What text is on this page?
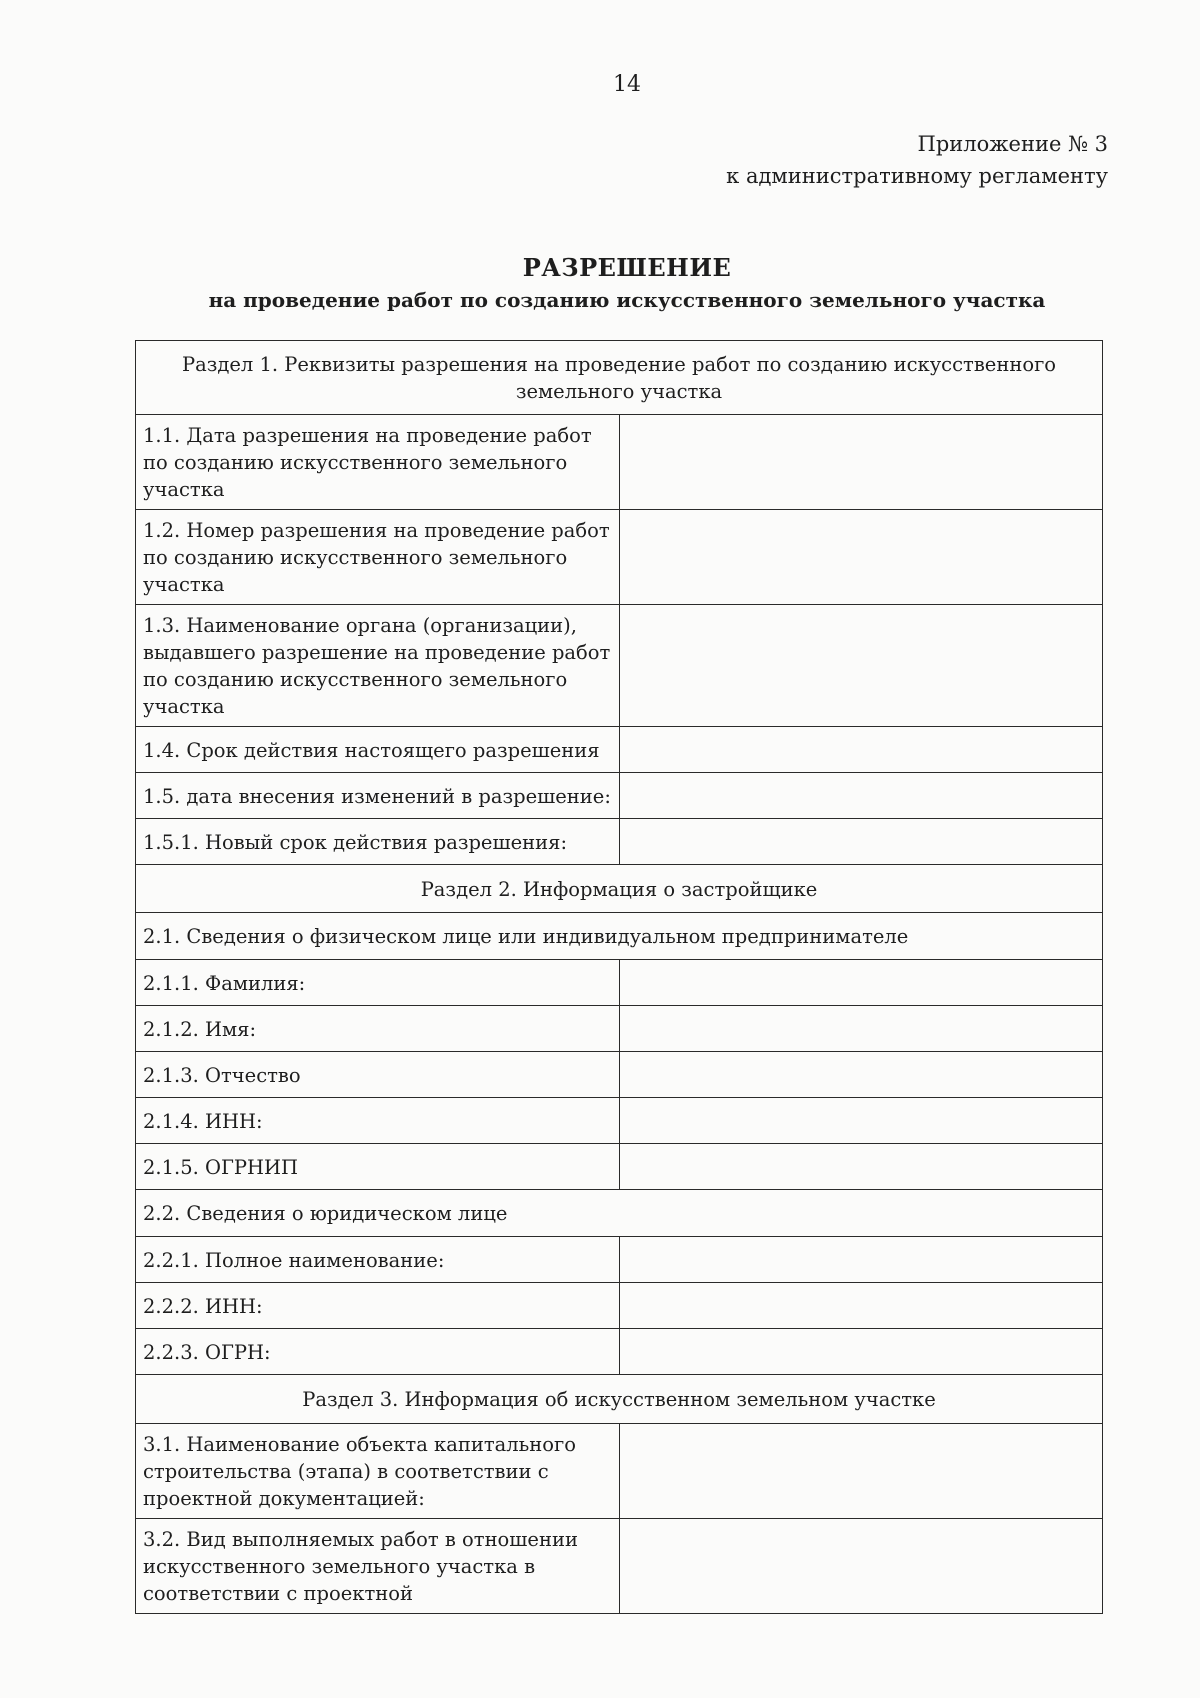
14
Приложение № 3
к административному регламенту
РАЗРЕШЕНИЕ
на проведение работ по созданию искусственного земельного участка
Раздел 1. Реквизиты разрешения на проведение работ по созданию искусственного земельного участка	
1.1. Дата разрешения на проведение работ по созданию искусственного земельного участка	
1.2. Номер разрешения на проведение работ по созданию искусственного земельного участка	
1.3. Наименование органа (организации), выдавшего разрешение на проведение работ по созданию искусственного земельного участка	
1.4. Срок действия настоящего разрешения	
1.5. дата внесения изменений в разрешение:	
1.5.1. Новый срок действия разрешения:	
Раздел 2. Информация о застройщике	
2.1. Сведения о физическом лице или индивидуальном предпринимателе	
2.1.1. Фамилия:	
2.1.2. Имя:	
2.1.3. Отчество	
2.1.4. ИНН:	
2.1.5. ОГРНИП	
2.2. Сведения о юридическом лице	
2.2.1. Полное наименование:	
2.2.2. ИНН:	
2.2.3. ОГРН:	
Раздел 3. Информация об искусственном земельном участке	
3.1. Наименование объекта капитального строительства (этапа) в соответствии с проектной документацией:	
3.2. Вид выполняемых работ в отношении искусственного земельного участка в соответствии с проектной	
